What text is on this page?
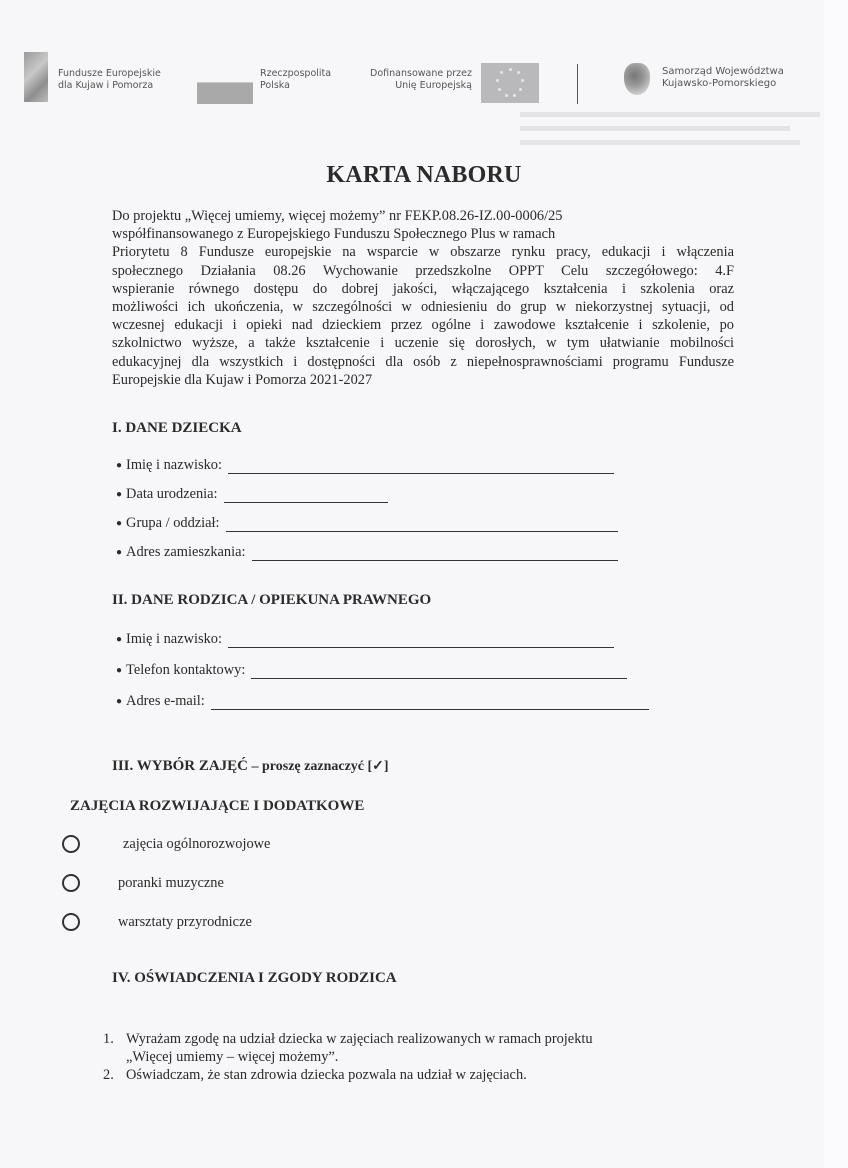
Fundusze Europejskie
dla Kujaw i Pomorza
Rzeczpospolita
Polska
Dofinansowane przez
Unię Europejską
Samorząd Województwa
Kujawsko-Pomorskiego
KARTA NABORU
Do projektu „Więcej umiemy, więcej możemy” nr FEKP.08.26-IZ.00-0006/25
współfinansowanego z Europejskiego Funduszu Społecznego Plus w ramach
Priorytetu 8 Fundusze europejskie na wsparcie w obszarze rynku pracy, edukacji i włączenia
społecznego Działania 08.26 Wychowanie przedszkolne OPPT Celu szczegółowego: 4.F
wspieranie równego dostępu do dobrej jakości, włączającego kształcenia i szkolenia oraz
możliwości ich ukończenia, w szczególności w odniesieniu do grup w niekorzystnej sytuacji, od
wczesnej edukacji i opieki nad dzieckiem przez ogólne i zawodowe kształcenie i szkolenie, po
szkolnictwo wyższe, a także kształcenie i uczenie się dorosłych, w tym ułatwianie mobilności
edukacyjnej dla wszystkich i dostępności dla osób z niepełnosprawnościami programu Fundusze
Europejskie dla Kujaw i Pomorza 2021-2027
I. DANE DZIECKA
● Imię i nazwisko:
● Data urodzenia:
● Grupa / oddział:
● Adres zamieszkania:
II. DANE RODZICA / OPIEKUNA PRAWNEGO
● Imię i nazwisko:
● Telefon kontaktowy:
● Adres e-mail:
III. WYBÓR ZAJĘĆ – proszę zaznaczyć [✓]
ZAJĘCIA ROZWIJAJĄCE I DODATKOWE
zajęcia ogólnorozwojowe
poranki muzyczne
warsztaty przyrodnicze
IV. OŚWIADCZENIA I ZGODY RODZICA
1. Wyrażam zgodę na udział dziecka w zajęciach realizowanych w ramach projektu
„Więcej umiemy – więcej możemy”.
2. Oświadczam, że stan zdrowia dziecka pozwala na udział w zajęciach.
